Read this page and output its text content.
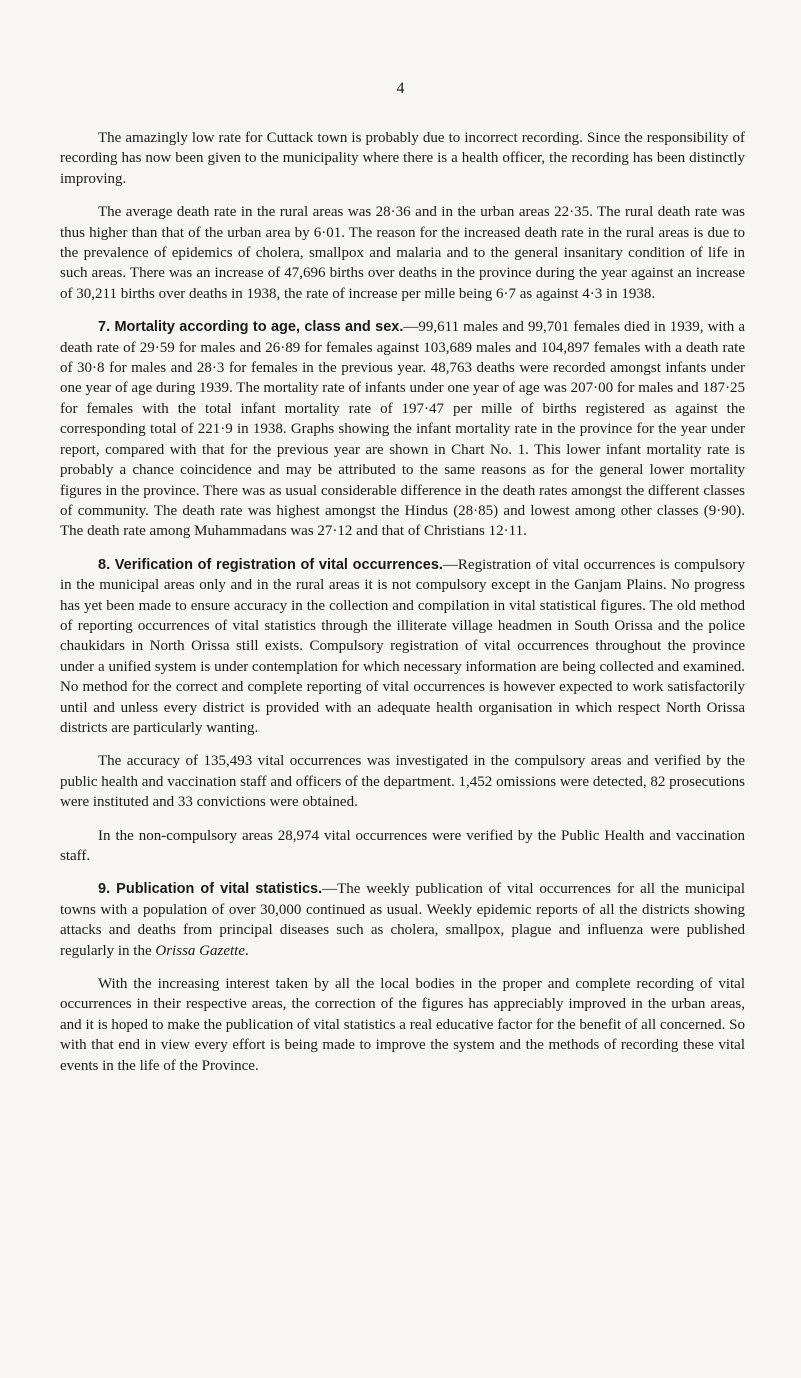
4

The amazingly low rate for Cuttack town is probably due to incorrect recording. Since the responsibility of recording has now been given to the municipality where there is a health officer, the recording has been distinctly improving.

The average death rate in the rural areas was 28·36 and in the urban areas 22·35. The rural death rate was thus higher than that of the urban area by 6·01. The reason for the increased death rate in the rural areas is due to the prevalence of epidemics of cholera, smallpox and malaria and to the general insanitary condition of life in such areas. There was an increase of 47,696 births over deaths in the province during the year against an increase of 30,211 births over deaths in 1938, the rate of increase per mille being 6·7 as against 4·3 in 1938.

7. Mortality according to age, class and sex.—99,611 males and 99,701 females died in 1939, with a death rate of 29·59 for males and 26·89 for females against 103,689 males and 104,897 females with a death rate of 30·8 for males and 28·3 for females in the previous year. 48,763 deaths were recorded amongst infants under one year of age during 1939. The mortality rate of infants under one year of age was 207·00 for males and 187·25 for females with the total infant mortality rate of 197·47 per mille of births registered as against the corresponding total of 221·9 in 1938. Graphs showing the infant mortality rate in the province for the year under report, compared with that for the previous year are shown in Chart No. 1. This lower infant mortality rate is probably a chance coincidence and may be attributed to the same reasons as for the general lower mortality figures in the province. There was as usual considerable difference in the death rates amongst the different classes of community. The death rate was highest amongst the Hindus (28·85) and lowest among other classes (9·90). The death rate among Muhammadans was 27·12 and that of Christians 12·11.

8. Verification of registration of vital occurrences.—Registration of vital occurrences is compulsory in the municipal areas only and in the rural areas it is not compulsory except in the Ganjam Plains. No progress has yet been made to ensure accuracy in the collection and compilation in vital statistical figures. The old method of reporting occurrences of vital statistics through the illiterate village headmen in South Orissa and the police chaukidars in North Orissa still exists. Compulsory registration of vital occurrences throughout the province under a unified system is under contemplation for which necessary information are being collected and examined. No method for the correct and complete reporting of vital occurrences is however expected to work satisfactorily until and unless every district is provided with an adequate health organisation in which respect North Orissa districts are particularly wanting.

The accuracy of 135,493 vital occurrences was investigated in the compulsory areas and verified by the public health and vaccination staff and officers of the department. 1,452 omissions were detected, 82 prosecutions were instituted and 33 convictions were obtained.

In the non-compulsory areas 28,974 vital occurrences were verified by the Public Health and vaccination staff.

9. Publication of vital statistics.—The weekly publication of vital occurrences for all the municipal towns with a population of over 30,000 continued as usual. Weekly epidemic reports of all the districts showing attacks and deaths from principal diseases such as cholera, smallpox, plague and influenza were published regularly in the Orissa Gazette.

With the increasing interest taken by all the local bodies in the proper and complete recording of vital occurrences in their respective areas, the correction of the figures has appreciably improved in the urban areas, and it is hoped to make the publication of vital statistics a real educative factor for the benefit of all concerned. So with that end in view every effort is being made to improve the system and the methods of recording these vital events in the life of the Province.
